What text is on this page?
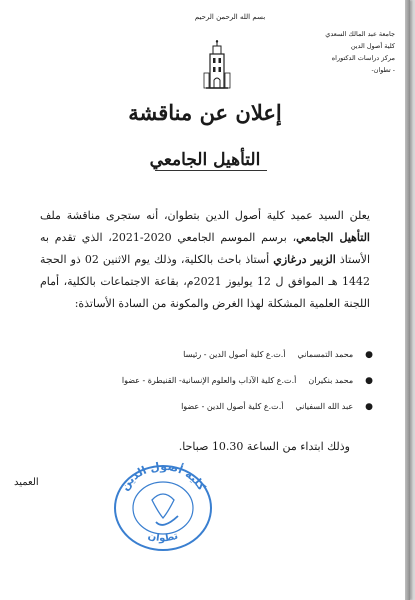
بسم الله الرحمن الرحيم
جامعة عبد المالك السعدي
كلية أصول الدين
مركز دراسات الدكتوراه
- تطوان-
إعلان عن مناقشة
التأهيل الجامعي
يعلن السيد عميد كلية أصول الدين بتطوان، أنه ستجرى مناقشة ملف التأهيل الجامعي، برسم الموسم الجامعي 2020-2021، الذي تقدم به الأستاذ الزبير درغازي أستاذ باحث بالكلية، وذلك يوم الاثنين 02 ذو الحجة 1442 هـ الموافق ل 12 يوليوز 2021م، بقاعة الاجتماعات بالكلية، أمام اللجنة العلمية المشكلة لهذا الغرض والمكونة من السادة الأساتذة:
●
محمد التمسماني
أ.ت.ع كلية أصول الدين - رئيسا
●
محمد بنكيران
أ.ت.ع كلية الآداب والعلوم الإنسانية- القنيطرة - عضوا
●
عبد الله السفياني
أ.ت.ع كلية أصول الدين - عضوا
وذلك ابتداء من الساعة 10.30 صباحا.
العميد	كلية أصول الدين
تطوان
